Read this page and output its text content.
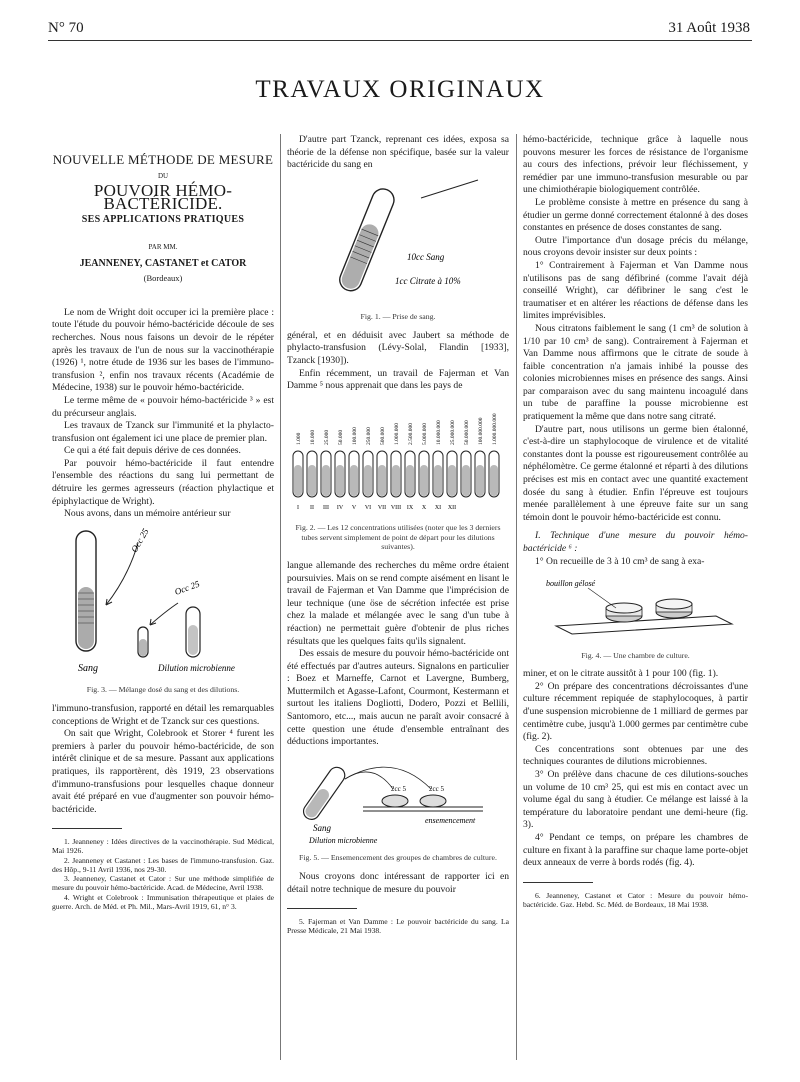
N° 70	31 Août 1938
TRAVAUX ORIGINAUX
NOUVELLE MÉTHODE DE MESURE
DU
POUVOIR HÉMO-BACTÉRICIDE.
SES APPLICATIONS PRATIQUES
PAR MM.
JEANNENEY, CASTANET et CATOR
(Bordeaux)

Le nom de Wright doit occuper ici la première place : toute l'étude du pouvoir hémo-bactéricide découle de ses recherches. Nous nous faisons un devoir de le répéter après les travaux de l'un de nous sur la vaccinothérapie (1926) ¹, notre étude de 1936 sur les bases de l'immuno-transfusion ², enfin nos travaux récents (Académie de Médecine, 1938) sur le pouvoir hémo-bactéricide.

Le terme même de « pouvoir hémo-bactéricide ³ » est du précurseur anglais.

Les travaux de Tzanck sur l'immunité et la phylacto-transfusion ont également ici une place de premier plan.

Ce qui a été fait depuis dérive de ces données.

Par pouvoir hémo-bactéricide il faut entendre l'ensemble des réactions du sang lui permettant de détruire les germes agresseurs (réaction phylactique et épiphylactique de Wright).

Nous avons, dans un mémoire antérieur sur

Occ 25
Occ 25
Sang	Dilution microbienne
Fig. 3. — Mélange dosé du sang et des dilutions.

l'immuno-transfusion, rapporté en détail les remarquables conceptions de Wright et de Tzanck sur ces questions.

On sait que Wright, Colebrook et Storer ⁴ furent les premiers à parler du pouvoir hémo-bactéricide, de son intérêt clinique et de sa mesure. Passant aux applications pratiques, ils rapportèrent, dès 1919, 23 observations d'immuno-transfusions pour lesquelles chaque donneur avait été préparé en vue d'augmenter son pouvoir hémo-bactéricide.

1. Jeanneney : Idées directives de la vaccinothérapie. Sud Médical, Mai 1926.

2. Jeanneney et Castanet : Les bases de l'immuno-transfusion. Gaz. des Hôp., 9-11 Avril 1936, nos 29-30.

3. Jeanneney, Castanet et Cator : Sur une méthode simplifiée de mesure du pouvoir hémo-bactéricide. Acad. de Médecine, Avril 1938.

4. Wright et Colebrook : Immunisation thérapeutique et plaies de guerre. Arch. de Méd. et Ph. Mil., Mars-Avril 1919, 61, n° 3.

D'autre part Tzanck, reprenant ces idées, exposa sa théorie de la défense non spécifique, basée sur la valeur bactéricide du sang en

10cc Sang
1cc Citrate à 10%
Fig. 1. — Prise de sang.

général, et en déduisit avec Jaubert sa méthode de phylacto-transfusion (Lévy-Solal, Flandin [1933], Tzanck [1930]).

Enfin récemment, un travail de Fajerman et Van Damme ⁵ nous apprenait que dans les pays de

1.000
I
10.000
II
25.000
III
50.000
IV
100.000
V
250.000
VI
500.000
VII
1.000.000
VIII
2.500.000
IX
5.000.000
X
10.000.000
XI
25.000.000
XII
50.000.000 100.000.000 1.000.000.000
Fig. 2. — Les 12 concentrations utilisées (noter que les 3 derniers tubes servent simplement de point de départ pour les dilutions suivantes).

langue allemande des recherches du même ordre étaient poursuivies. Mais on se rend compte aisément en lisant le travail de Fajerman et Van Damme que l'imprécision de leur technique (une öse de sécrétion infectée est prise chez la malade et mélangée avec le sang d'un tube à réaction) ne permettait guère d'obtenir de plus riches résultats que les quelques faits qu'ils signalent.

Des essais de mesure du pouvoir hémo-bactéricide ont été effectués par d'autres auteurs. Signalons en particulier : Boez et Marneffe, Carnot et Lavergne, Bumberg, Muttermilch et Agasse-Lafont, Courmont, Kestermann et surtout les italiens Dogliotti, Dodero, Pozzi et Bellili, Santomoro, etc..., mais aucun ne paraît avoir consacré à cette question une étude d'ensemble entraînant des déductions importantes.

2cc 5	2cc 5
ensemencement
Sang
Dilution microbienne
Fig. 5. — Ensemencement des groupes de chambres de culture.

Nous croyons donc intéressant de rapporter ici en détail notre technique de mesure du pouvoir

5. Fajerman et Van Damme : Le pouvoir bactéricide du sang. La Presse Médicale, 21 Mai 1938.

hémo-bactéricide, technique grâce à laquelle nous pouvons mesurer les forces de résistance de l'organisme au cours des infections, prévoir leur fléchissement, y remédier par une immuno-transfusion mesurable ou par une chimiothérapie biologiquement contrôlée.

Le problème consiste à mettre en présence du sang à étudier un germe donné correctement étalonné à des doses constantes en présence de doses constantes de sang.

Outre l'importance d'un dosage précis du mélange, nous croyons devoir insister sur deux points :

1° Contrairement à Fajerman et Van Damme nous n'utilisons pas de sang défibriné (comme l'avait déjà conseillé Wright), car défibriner le sang c'est le traumatiser et en altérer les réactions de défense dans les limites imprévisibles.

Nous citratons faiblement le sang (1 cm³ de solution à 1/10 par 10 cm³ de sang). Contrairement à Fajerman et Van Damme nous affirmons que le citrate de soude à faible concentration n'a jamais inhibé la pousse des colonies microbiennes mises en présence des sangs. Ainsi par comparaison avec du sang maintenu incoagulé dans un tube de paraffine la pousse microbienne est pratiquement la même que dans notre sang citraté.

D'autre part, nous utilisons un germe bien étalonné, c'est-à-dire un staphylocoque de virulence et de vitalité constantes dont la pousse est rigoureusement contrôlée au néphélomètre. Ce germe étalonné et réparti à des dilutions précises est mis en contact avec une quantité exactement dosée du sang à étudier. Enfin l'épreuve est toujours menée parallèlement à une épreuve faite sur un sang témoin dont le pouvoir hémo-bactéricide est connu.

I. Technique d'une mesure du pouvoir hémo-bactéricide ⁶ :

1° On recueille de 3 à 10 cm³ de sang à exa-

bouillon gélosé
Fig. 4. — Une chambre de culture.

miner, et on le citrate aussitôt à 1 pour 100 (fig. 1).

2° On prépare des concentrations décroissantes d'une culture récemment repiquée de staphylocoques, à partir d'une suspension microbienne de 1 milliard de germes par centimètre cube, jusqu'à 1.000 germes par centimètre cube (fig. 2).

Ces concentrations sont obtenues par une des techniques courantes de dilutions microbiennes.

3° On prélève dans chacune de ces dilutions-souches un volume de 10 cm³ 25, qui est mis en contact avec un volume égal du sang à étudier. Ce mélange est laissé à la température du laboratoire pendant une demi-heure (fig. 3).

4° Pendant ce temps, on prépare les chambres de culture en fixant à la paraffine sur chaque lame porte-objet deux anneaux de verre à bords rodés (fig. 4).

6. Jeanneney, Castanet et Cator : Mesure du pouvoir hémo-bactéricide. Gaz. Hebd. Sc. Méd. de Bordeaux, 18 Mai 1938.
